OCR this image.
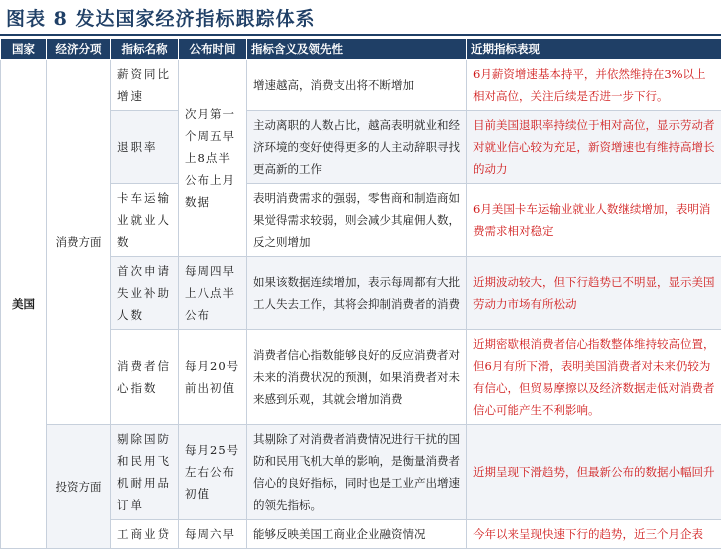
图表 8 发达国家经济指标跟踪体系
国家	经济分项	指标名称	公布时间	指标含义及领先性	近期指标表现
美国	消费方面	薪资同比增速	次月第一个周五早上8点半公布上月数据	增速越高，消费支出将不断增加	6月薪资增速基本持平，并依然维持在3%以上相对高位，关注后续是否进一步下行。
		退职率		主动离职的人数占比，越高表明就业和经济环境的变好使得更多的人主动辞职寻找更高新的工作	目前美国退职率持续位于相对高位，显示劳动者对就业信心较为充足，新资增速也有维持高增长的动力
		卡车运输业就业人数		表明消费需求的强弱，零售商和制造商如果觉得需求较弱，则会减少其雇佣人数，反之则增加	6月美国卡车运输业就业人数继续增加，表明消费需求相对稳定
		首次申请失业补助人数	每周四早上八点半公布	如果该数据连续增加，表示每周都有大批工人失去工作，其将会抑制消费者的消费	近期波动较大，但下行趋势已不明显，显示美国劳动力市场有所松动
		消费者信心指数	每月20号前出初值	消费者信心指数能够良好的反应消费者对未来的消费状况的预测，如果消费者对未来感到乐观，其就会增加消费	近期密歇根消费者信心指数整体维持较高位置，但6月有所下滑，表明美国消费者对未来仍较为有信心，但贸易摩擦以及经济数据走低对消费者信心可能产生不利影响。
	投资方面	剔除国防和民用飞机耐用品订单	每月25号左右公布初值	其剔除了对消费者消费情况进行干扰的国防和民用飞机大单的影响，是衡量消费者信心的良好指标，同时也是工业产出增速的领先指标。	近期呈现下滑趋势，但最新公布的数据小幅回升
		工商业贷	每周六早	能够反映美国工商业企业融资情况	今年以来呈现快速下行的趋势，近三个月企表
